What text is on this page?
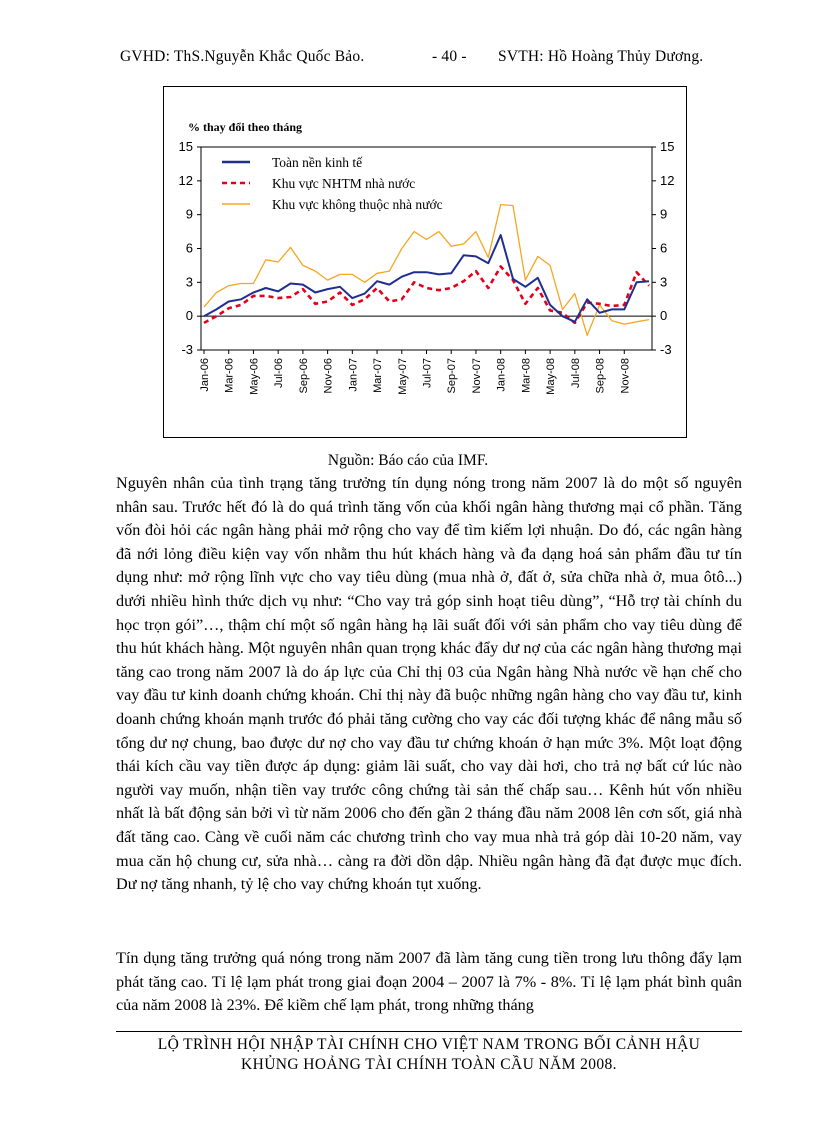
GVHD: ThS.Nguyễn Khắc Quốc Bảo.	- 40 - SVTH: Hồ Hoàng Thủy Dương.
-3	-3
0	0
3	3
6	6
9	9
12	12
15	15
Jan-06 Mar-06 May-06 Jul-06 Sep-06 Nov-06 Jan-07 Mar-07 May-07 Jul-07 Sep-07 Nov-07 Jan-08 Mar-08 May-08 Jul-08 Sep-08 Nov-08
% thay đổi theo tháng
Toàn nền kinh tế
Khu vực NHTM nhà nước
Khu vực không thuộc nhà nước
Nguồn: Báo cáo của IMF.
Nguyên nhân của tình trạng tăng trưởng tín dụng nóng trong năm 2007 là do một số nguyên nhân sau. Trước hết đó là do quá trình tăng vốn của khối ngân hàng thương mại cổ phần. Tăng vốn đòi hỏi các ngân hàng phải mở rộng cho vay để tìm kiếm lợi nhuận. Do đó, các ngân hàng đã nới lỏng điều kiện vay vốn nhằm thu hút khách hàng và đa dạng hoá sản phẩm đầu tư tín dụng như: mở rộng lĩnh vực cho vay tiêu dùng (mua nhà ở, đất ở, sửa chữa nhà ở, mua ôtô...) dưới nhiều hình thức dịch vụ như: “Cho vay trả góp sinh hoạt tiêu dùng”, “Hỗ trợ tài chính du học trọn gói”…, thậm chí một số ngân hàng hạ lãi suất đối với sản phẩm cho vay tiêu dùng để thu hút khách hàng. Một nguyên nhân quan trọng khác đẩy dư nợ của các ngân hàng thương mại tăng cao trong năm 2007 là do áp lực của Chỉ thị 03 của Ngân hàng Nhà nước về hạn chế cho vay đầu tư kinh doanh chứng khoán. Chỉ thị này đã buộc những ngân hàng cho vay đầu tư, kinh doanh chứng khoán mạnh trước đó phải tăng cường cho vay các đối tượng khác để nâng mẫu số tổng dư nợ chung, bao được dư nợ cho vay đầu tư chứng khoán ở hạn mức 3%. Một loạt động thái kích cầu vay tiền được áp dụng: giảm lãi suất, cho vay dài hơi, cho trả nợ bất cứ lúc nào người vay muốn, nhận tiền vay trước công chứng tài sản thế chấp sau… Kênh hút vốn nhiều nhất là bất động sản bởi vì từ năm 2006 cho đến gần 2 tháng đầu năm 2008 lên cơn sốt, giá nhà đất tăng cao. Càng về cuối năm các chương trình cho vay mua nhà trả góp dài 10-20 năm, vay mua căn hộ chung cư, sửa nhà… càng ra đời dồn dập. Nhiều ngân hàng đã đạt được mục đích. Dư nợ tăng nhanh, tỷ lệ cho vay chứng khoán tụt xuống.
Tín dụng tăng trưởng quá nóng trong năm 2007 đã làm tăng cung tiền trong lưu thông đẩy lạm phát tăng cao. Tỉ lệ lạm phát trong giai đoạn 2004 – 2007 là 7% - 8%. Tỉ lệ lạm phát bình quân của năm 2008 là 23%. Để kiềm chế lạm phát, trong những tháng
LỘ TRÌNH HỘI NHẬP TÀI CHÍNH CHO VIỆT NAM TRONG BỐI CẢNH HẬU
KHỦNG HOẢNG TÀI CHÍNH TOÀN CẦU NĂM 2008.
